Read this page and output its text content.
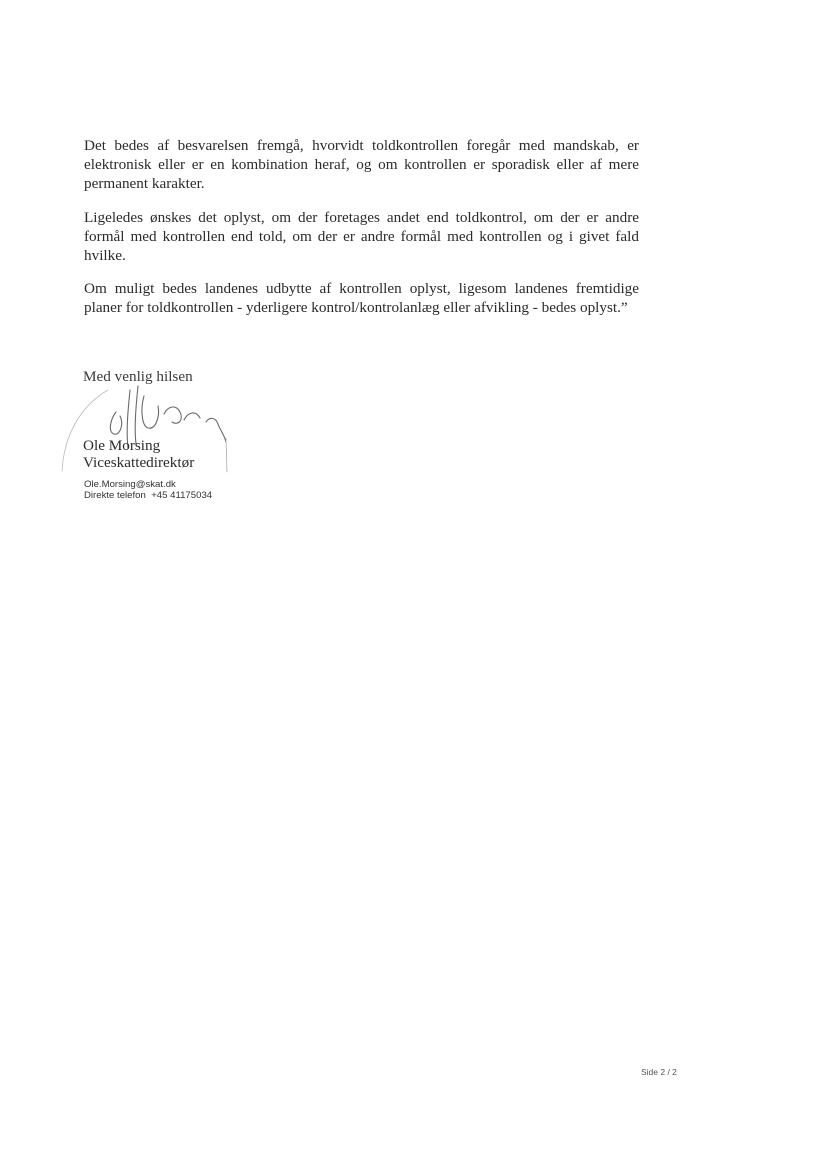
Det bedes af besvarelsen fremgå, hvorvidt toldkontrollen foregår med mandskab, er elektronisk eller er en kombination heraf, og om kontrollen er sporadisk eller af mere permanent karakter.

Ligeledes ønskes det oplyst, om der foretages andet end toldkontrol, om der er andre formål med kontrollen end told, om der er andre formål med kontrollen og i givet fald hvilke.

Om muligt bedes landenes udbytte af kontrollen oplyst, ligesom landenes fremtidige planer for toldkontrollen - yderligere kontrol/kontrolanlæg eller afvikling - bedes oplyst.”

Med venlig hilsen

Ole Morsing

Viceskattedirektør

Ole.Morsing@skat.dk

Direkte telefon +45 41175034

Side 2 / 2
